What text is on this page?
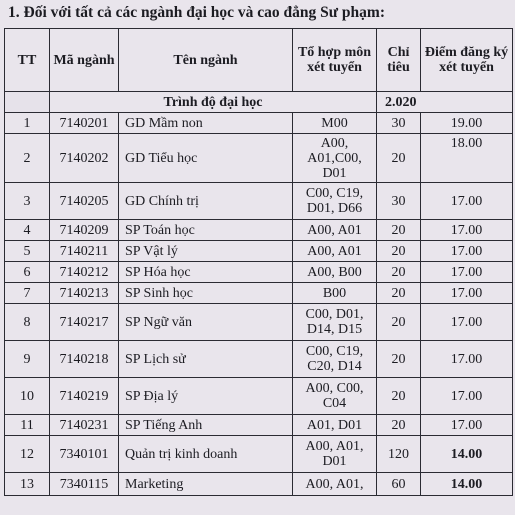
1. Đối với tất cả các ngành đại học và cao đẳng Sư phạm:
TT	Mã ngành	Tên ngành	Tổ hợp môn xét tuyển	Chỉ tiêu	Điểm đăng ký xét tuyển
	Trình độ đại học			2.020	
1	7140201	GD Mầm non	M00	30	19.00
2	7140202	GD Tiểu học	A00, A01,C00, D01	20	18.00
3	7140205	GD Chính trị	C00, C19, D01, D66	30	17.00
4	7140209	SP Toán học	A00, A01	20	17.00
5	7140211	SP Vật lý	A00, A01	20	17.00
6	7140212	SP Hóa học	A00, B00	20	17.00
7	7140213	SP Sinh học	B00	20	17.00
8	7140217	SP Ngữ văn	C00, D01, D14, D15	20	17.00
9	7140218	SP Lịch sử	C00, C19, C20, D14	20	17.00
10	7140219	SP Địa lý	A00, C00, C04	20	17.00
11	7140231	SP Tiếng Anh	A01, D01	20	17.00
12	7340101	Quản trị kinh doanh	A00, A01, D01	120	14.00
13	7340115	Marketing	A00, A01,	60	14.00
